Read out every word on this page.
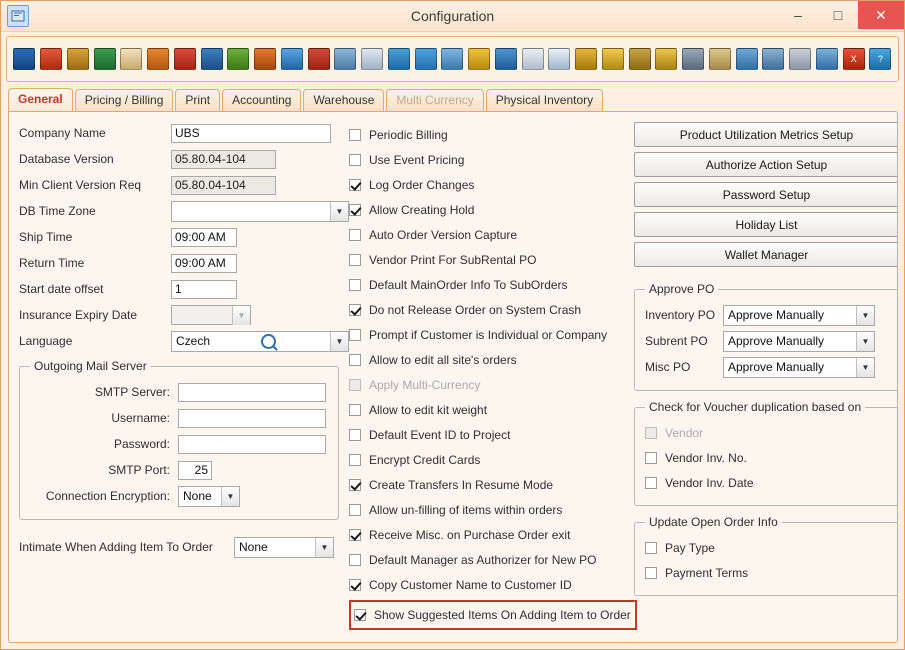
Configuration	–	□	✕
X	?
General	Pricing / Billing	Print	Accounting	Warehouse	Multi Currency	Physical Inventory
Company Name	UBS
Database Version	05.80.04-104
Min Client Version Req	05.80.04-104
DB Time Zone	▼
Ship Time	09:00 AM
Return Time	09:00 AM
Start date offset	1
Insurance Expiry Date	▼
Language	Czech	▼
Outgoing Mail Server
SMTP Server:
Username:
Password:
SMTP Port:	25
Connection Encryption:	None	▼
Intimate When Adding Item To Order	None	▼
Periodic Billing
Use Event Pricing
Log Order Changes
Allow Creating Hold
Auto Order Version Capture
Vendor Print For SubRental PO
Default MainOrder Info To SubOrders
Do not Release Order on System Crash
Prompt if Customer is Individual or Company
Allow to edit all site's orders
Apply Multi-Currency
Allow to edit kit weight
Default Event ID to Project
Encrypt Credit Cards
Create Transfers In Resume Mode
Allow un-filling of items within orders
Receive Misc. on Purchase Order exit
Default Manager as Authorizer for New PO
Copy Customer Name to Customer ID
Show Suggested Items On Adding Item to Order
Product Utilization Metrics Setup
Authorize Action Setup
Password Setup
Holiday List
Wallet Manager
Approve PO
Inventory PO	Approve Manually	▼
Subrent PO	Approve Manually	▼
Misc PO	Approve Manually	▼
Check for Voucher duplication based on
Vendor
Vendor Inv. No.
Vendor Inv. Date
Update Open Order Info
Pay Type
Payment Terms
